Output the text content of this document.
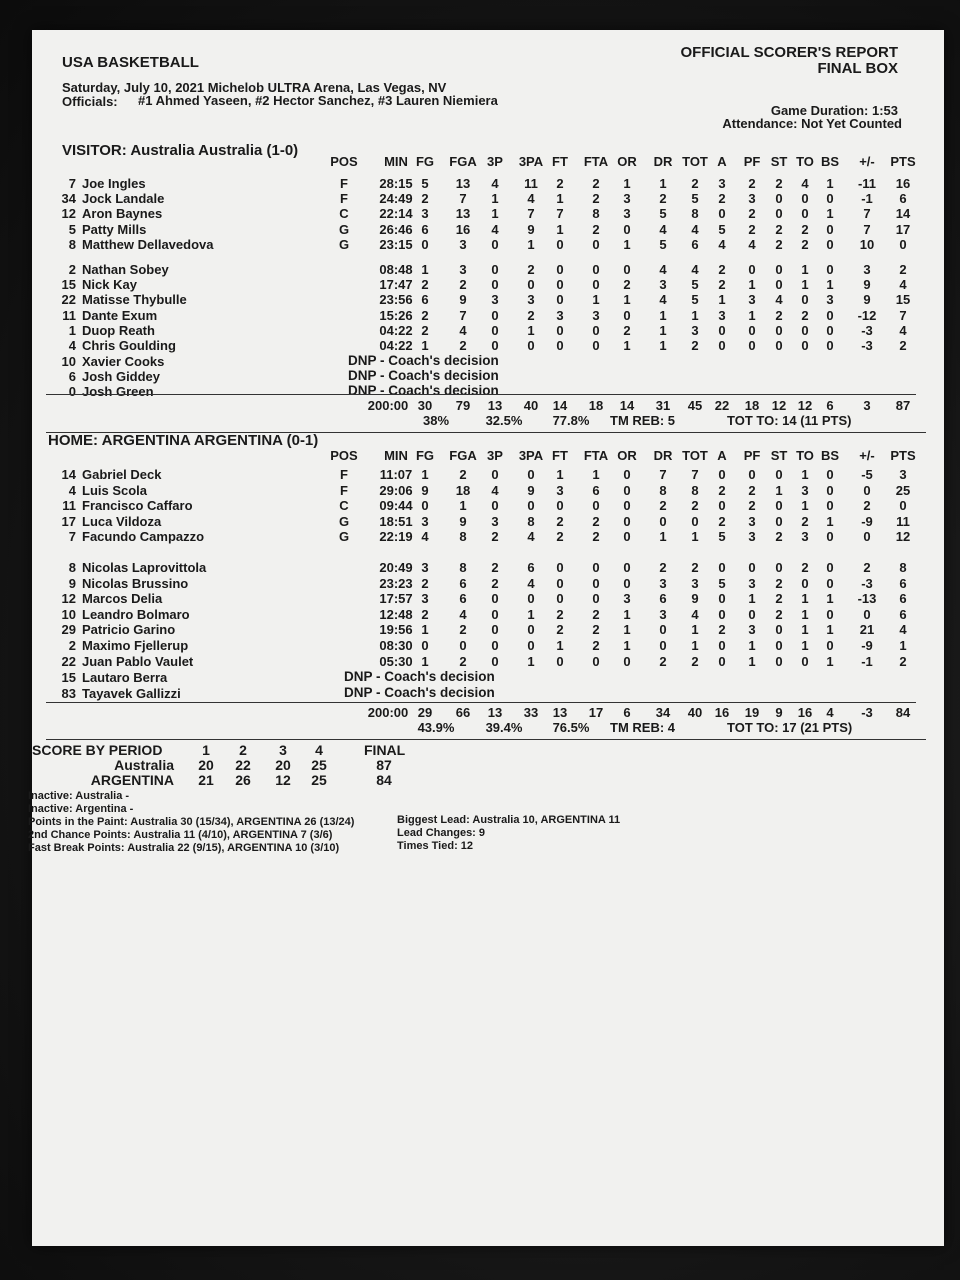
USA BASKETBALL
OFFICIAL SCORER'S REPORT
FINAL BOX
Saturday, July 10, 2021 Michelob ULTRA Arena, Las Vegas, NV
Officials: #1 Ahmed Yaseen, #2 Hector Sanchez, #3 Lauren Niemiera
Game Duration: 1:53
Attendance: Not Yet Counted
VISITOR: Australia Australia (1-0)
POS	MIN FG	FGA 3P	3PA FT	FTA OR	DR TOT A	PF ST TO BS	+/-	PTS
7 Joe Ingles	F	28:15 5	13	4	11	2	2	1	1	2	3	2	2	4	1	-11	16
34 Jock Landale	F	24:49 2	7	1	4	1	2	3	2	5	2	3	0	0	0	-1	6
12 Aron Baynes	C	22:14 3	13	1	7	7	8	3	5	8	0	2	0	0	1	7	14
5 Patty Mills	G	26:46 6	16	4	9	1	2	0	4	4	5	2	2	2	0	7	17
8 Matthew Dellavedova	G	23:15 0	3	0	1	0	0	1	5	6	4	4	2	2	0	10	0
2 Nathan Sobey	08:48 1	3	0	2	0	0	0	4	4	2	0	0	1	0	3	2
15 Nick Kay	17:47 2	2	0	0	0	0	2	3	5	2	1	0	1	1	9	4
22 Matisse Thybulle	23:56 6	9	3	3	0	1	1	4	5	1	3	4	0	3	9	15
11 Dante Exum	15:26 2	7	0	2	3	3	0	1	1	3	1	2	2	0	-12	7
1 Duop Reath	04:22 2	4	0	1	0	0	2	1	3	0	0	0	0	0	-3	4
4 Chris Goulding	04:22 1	2	0	0	0	0	1	1	2	0	0	0	0	0	-3	2
10 Xavier Cooks	DNP - Coach's decision
6 Josh Giddey	DNP - Coach's decision
0 Josh Green	DNP - Coach's decision
200:00 30	79	13	40	14	18	14	31	45 22	18 12 12	6	3	87
38%	32.5%	77.8%	TM REB: 5	TOT TO: 14 (11 PTS)
HOME: ARGENTINA ARGENTINA (0-1)
POS	MIN FG	FGA 3P	3PA FT	FTA OR	DR TOT A	PF ST TO BS	+/-	PTS
14 Gabriel Deck	F	11:07 1	2	0	0	1	1	0	7	7	0	0	0	1	0	-5	3
4 Luis Scola	F	29:06 9	18	4	9	3	6	0	8	8	2	2	1	3	0	0	25
11 Francisco Caffaro	C	09:44 0	1	0	0	0	0	0	2	2	0	2	0	1	0	2	0
17 Luca Vildoza	G	18:51 3	9	3	8	2	2	0	0	0	2	3	0	2	1	-9	11
7 Facundo Campazzo	G	22:19 4	8	2	4	2	2	0	1	1	5	3	2	3	0	0	12
8 Nicolas Laprovittola	20:49 3	8	2	6	0	0	0	2	2	0	0	0	2	0	2	8
9 Nicolas Brussino	23:23 2	6	2	4	0	0	0	3	3	5	3	2	0	0	-3	6
12 Marcos Delia	17:57 3	6	0	0	0	0	3	6	9	0	1	2	1	1	-13	6
10 Leandro Bolmaro	12:48 2	4	0	1	2	2	1	3	4	0	0	2	1	0	0	6
29 Patricio Garino	19:56 1	2	0	0	2	2	1	0	1	2	3	0	1	1	21	4
2 Maximo Fjellerup	08:30 0	0	0	0	1	2	1	0	1	0	1	0	1	0	-9	1
22 Juan Pablo Vaulet	05:30 1	2	0	1	0	0	0	2	2	0	1	0	0	1	-1	2
15 Lautaro Berra	DNP - Coach's decision
83 Tayavek Gallizzi	DNP - Coach's decision
200:00 29	66	13	33	13	17	6	34	40 16	19	9	16	4	-3	84
43.9%	39.4%	76.5%	TM REB: 4	TOT TO: 17 (21 PTS)
SCORE BY PERIOD	1	2	3	4	FINAL
Australia 20 22 20 25	87
ARGENTINA 21 26 12 25	84
Inactive: Australia -
Inactive: Argentina -
Points in the Paint: Australia 30 (15/34), ARGENTINA 26 (13/24)
2nd Chance Points: Australia 11 (4/10), ARGENTINA 7 (3/6)
Fast Break Points: Australia 22 (9/15), ARGENTINA 10 (3/10)
Biggest Lead: Australia 10, ARGENTINA 11
Lead Changes: 9
Times Tied: 12
